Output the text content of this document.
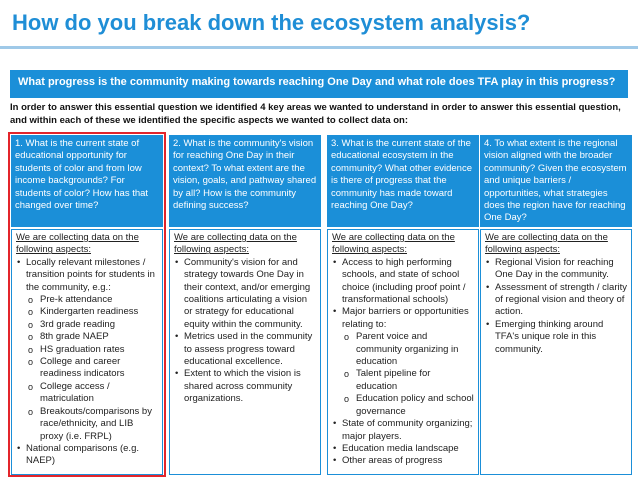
How do you break down the ecosystem analysis?
What progress is the community making towards reaching One Day and what role does TFA play in this progress?
In order to answer this essential question we identified 4 key areas we wanted to understand in order to answer this essential question, and within each of these we identified the specific aspects we wanted to collect data on:
1. What is the current state of educational opportunity for students of color and from low income backgrounds? For students of color? How has that changed over time?
2. What is the community's vision for reaching One Day in their context? To what extent are the vision, goals, and pathway shared by all? How is the community defining success?
3. What is the current state of the educational ecosystem in the community? What other evidence is there of progress that the community has made toward reaching One Day?
4. To what extent is the regional vision aligned with the broader community? Given the ecosystem and unique barriers / opportunities, what strategies does the region have for reaching One Day?
We are collecting data on the following aspects:
• Locally relevant milestones / transition points for students in the community, e.g.:
o Pre-k attendance
o Kindergarten readiness
o 3rd grade reading
o 8th grade NAEP
o HS graduation rates
o College and career readiness indicators
o College access / matriculation
o Breakouts/comparisons by race/ethnicity, and LIB proxy (i.e. FRPL)
• National comparisons (e.g. NAEP)
We are collecting data on the following aspects:
• Community's vision for and strategy towards One Day in their context, and/or emerging coalitions articulating a vision or strategy for educational equity within the community.
• Metrics used in the community to assess progress toward educational excellence.
• Extent to which the vision is shared across community organizations.
We are collecting data on the following aspects:
• Access to high performing schools, and state of school choice (including proof point / transformational schools)
• Major barriers or opportunities relating to:
o Parent voice and community organizing in education
o Talent pipeline for education
o Education policy and school governance
• State of community organizing; major players.
• Education media landscape
• Other areas of progress
We are collecting data on the following aspects:
• Regional Vision for reaching One Day in the community.
• Assessment of strength / clarity of regional vision and theory of action.
• Emerging thinking around TFA's unique role in this community.
